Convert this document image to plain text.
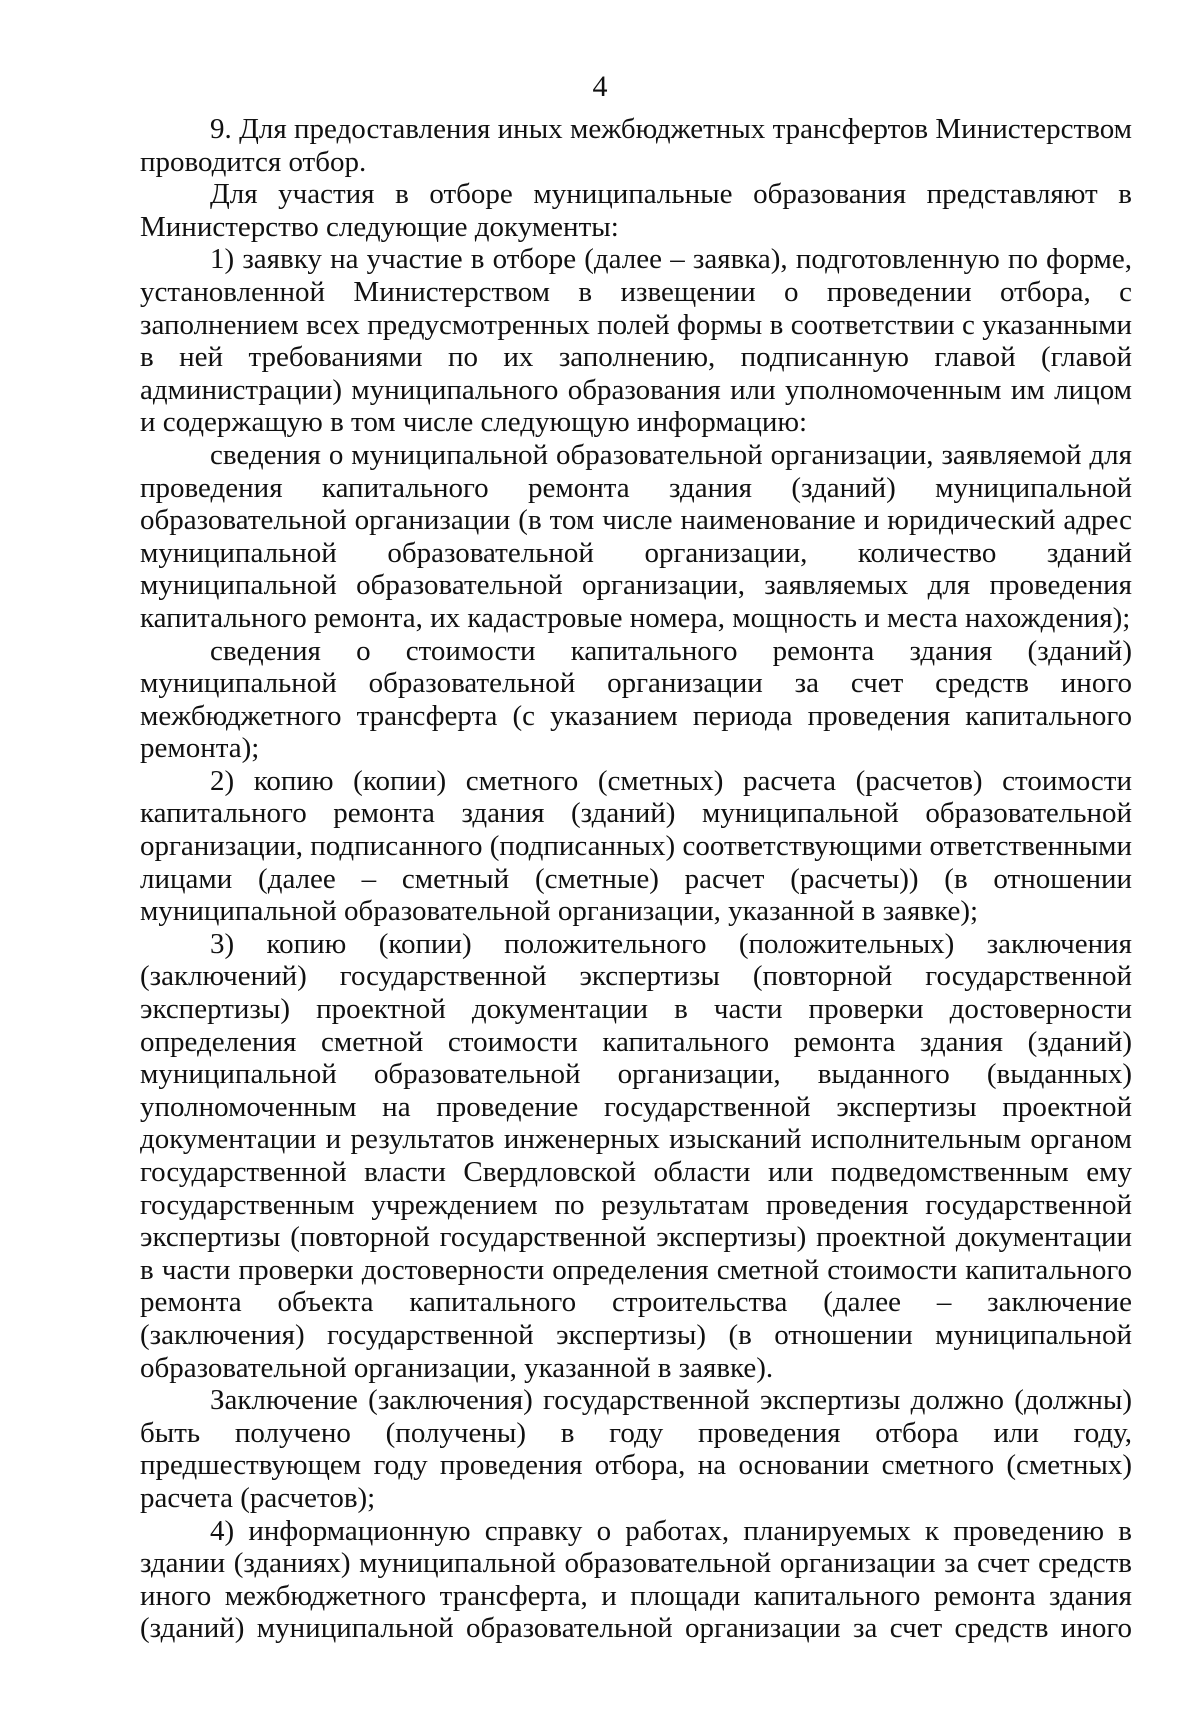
4

9. Для предоставления иных межбюджетных трансфертов Министерством проводится отбор.

Для участия в отборе муниципальные образования представляют в Министерство следующие документы:

1) заявку на участие в отборе (далее – заявка), подготовленную по форме, установленной Министерством в извещении о проведении отбора, с заполнением всех предусмотренных полей формы в соответствии с указанными в ней требованиями по их заполнению, подписанную главой (главой администрации) муниципального образования или уполномоченным им лицом и содержащую в том числе следующую информацию:

сведения о муниципальной образовательной организации, заявляемой для проведения капитального ремонта здания (зданий) муниципальной образовательной организации (в том числе наименование и юридический адрес муниципальной образовательной организации, количество зданий муниципальной образовательной организации, заявляемых для проведения капитального ремонта, их кадастровые номера, мощность и места нахождения);

сведения о стоимости капитального ремонта здания (зданий) муниципальной образовательной организации за счет средств иного межбюджетного трансферта (с указанием периода проведения капитального ремонта);

2) копию (копии) сметного (сметных) расчета (расчетов) стоимости капитального ремонта здания (зданий) муниципальной образовательной организации, подписанного (подписанных) соответствующими ответственными лицами (далее – сметный (сметные) расчет (расчеты)) (в отношении муниципальной образовательной организации, указанной в заявке);

3) копию (копии) положительного (положительных) заключения (заключений) государственной экспертизы (повторной государственной экспертизы) проектной документации в части проверки достоверности определения сметной стоимости капитального ремонта здания (зданий) муниципальной образовательной организации, выданного (выданных) уполномоченным на проведение государственной экспертизы проектной документации и результатов инженерных изысканий исполнительным органом государственной власти Свердловской области или подведомственным ему государственным учреждением по результатам проведения государственной экспертизы (повторной государственной экспертизы) проектной документации в части проверки достоверности определения сметной стоимости капитального ремонта объекта капитального строительства (далее – заключение (заключения) государственной экспертизы) (в отношении муниципальной образовательной организации, указанной в заявке).

Заключение (заключения) государственной экспертизы должно (должны) быть получено (получены) в году проведения отбора или году, предшествующем году проведения отбора, на основании сметного (сметных) расчета (расчетов);

4) информационную справку о работах, планируемых к проведению в здании (зданиях) муниципальной образовательной организации за счет средств иного межбюджетного трансферта, и площади капитального ремонта здания (зданий) муниципальной образовательной организации за счет средств иного
